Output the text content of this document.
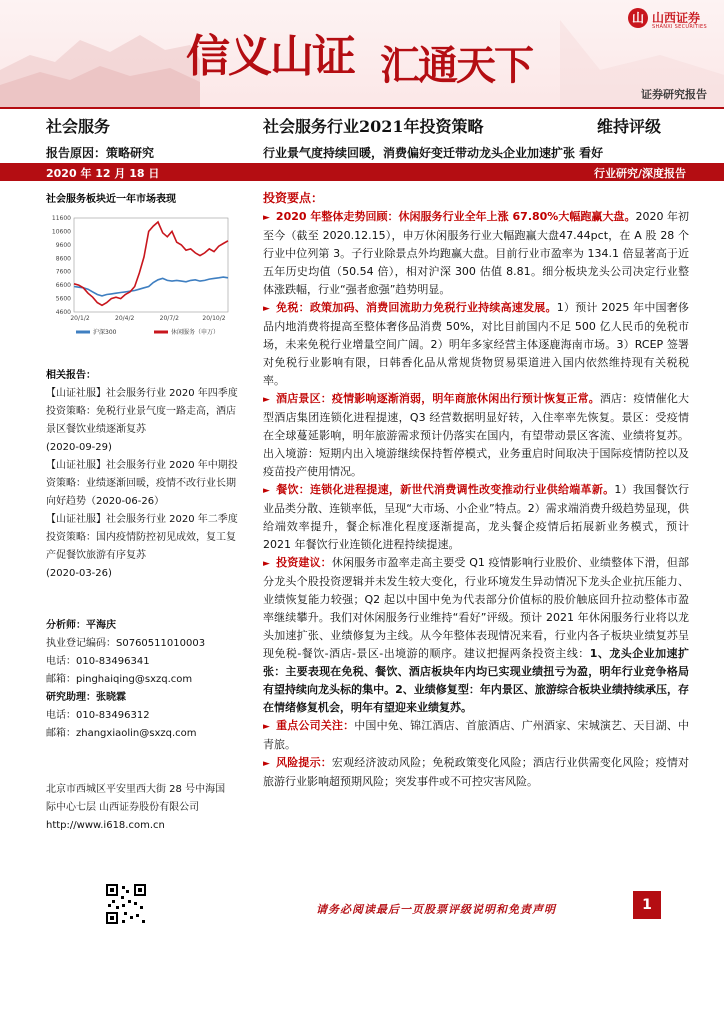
信义山证 汇通天下
山 山西证券
SHANXI SECURITIES
证券研究报告
社会服务	社会服务行业2021年投资策略	维持评级
报告原因：策略研究	行业景气度持续回暖，消费偏好变迁带动龙头企业加速扩张 看好
2020 年 12 月 18 日	行业研究/深度报告
社会服务板块近一年市场表现
11600
10600
9600
8600
7600
6600
5600
4600
20/1/2	20/4/2	20/7/2	20/10/2
沪深300	休闲服务（申万）
相关报告：
【山证社服】社会服务行业 2020 年四季度投资策略：免税行业景气度一路走高，酒店景区餐饮业绩逐渐复苏
(2020-09-29)
【山证社服】社会服务行业 2020 年中期投资策略：业绩逐渐回暖，疫情不改行业长期向好趋势（2020-06-26）
【山证社服】社会服务行业 2020 年二季度投资策略：国内疫情防控初见成效，复工复产促餐饮旅游有序复苏
(2020-03-26)
分析师：平海庆
执业登记编码：S0760511010003
电话：010-83496341
邮箱：pinghaiqing@sxzq.com
研究助理：张晓霖
电话：010-83496312
邮箱：zhangxiaolin@sxzq.com
北京市西城区平安里西大街 28 号中海国
际中心七层 山西证券股份有限公司
http://www.i618.com.cn
投资要点：

► 2020 年整体走势回顾：休闲服务行业全年上涨 67.80%大幅跑赢大盘。2020 年初至今（截至 2020.12.15），申万休闲服务行业大幅跑赢大盘47.44pct，在 A 股 28 个行业中位列第 3。子行业除景点外均跑赢大盘。目前行业市盈率为 134.1 倍显著高于近五年历史均值（50.54 倍），相对沪深 300 估值 8.81。细分板块龙头公司决定行业整体涨跌幅，行业“强者愈强”趋势明显。

► 免税：政策加码、消费回流助力免税行业持续高速发展。1）预计 2025 年中国奢侈品内地消费将提高至整体奢侈品消费 50%，对比目前国内不足 500 亿人民币的免税市场，未来免税行业增量空间广阔。2）明年多家经营主体逐鹿海南市场。3）RCEP 签署对免税行业影响有限，日韩香化品从常规货物贸易渠道进入国内依然维持现有关税税率。

► 酒店景区：疫情影响逐渐消弱，明年商旅休闲出行预计恢复正常。酒店：疫情催化大型酒店集团连锁化进程提速，Q3 经营数据明显好转，入住率率先恢复。景区：受疫情在全球蔓延影响，明年旅游需求预计仍落实在国内，有望带动景区客流、业绩将复苏。出入境游：短期内出入境游继续保持暂停模式，业务重启时间取决于国际疫情防控以及疫苗投产使用情况。

► 餐饮：连锁化进程提速，新世代消费调性改变推动行业供给端革新。1）我国餐饮行业品类分散、连锁率低，呈现“大市场、小企业”特点。2）需求端消费升级趋势显现，供给端效率提升，餐企标准化程度逐渐提高，龙头餐企疫情后拓展新业务模式，预计 2021 年餐饮行业连锁化进程持续提速。

► 投资建议：休闲服务市盈率走高主要受 Q1 疫情影响行业股价、业绩整体下滑，但部分龙头个股投资逻辑并未发生较大变化，行业环境发生异动情况下龙头企业抗压能力、业绩恢复能力较强；Q2 起以中国中免为代表部分价值标的股价触底回升拉动整体市盈率继续攀升。我们对休闲服务行业维持“看好”评级。预计 2021 年休闲服务行业将以龙头加速扩张、业绩修复为主线。从今年整体表现情况来看，行业内各子板块业绩复苏呈现免税-餐饮-酒店-景区-出境游的顺序。建议把握两条投资主线：1、龙头企业加速扩张：主要表现在免税、餐饮、酒店板块年内均已实现业绩扭亏为盈，明年行业竞争格局有望持续向龙头标的集中。2、业绩修复型：年内景区、旅游综合板块业绩持续承压，存在情绪修复机会，明年有望迎来业绩复苏。

► 重点公司关注：中国中免、锦江酒店、首旅酒店、广州酒家、宋城演艺、天目湖、中青旅。

► 风险提示：宏观经济波动风险；免税政策变化风险；酒店行业供需变化风险；疫情对旅游行业影响超预期风险；突发事件或不可控灾害风险。

请务必阅读最后一页股票评级说明和免责声明	1
